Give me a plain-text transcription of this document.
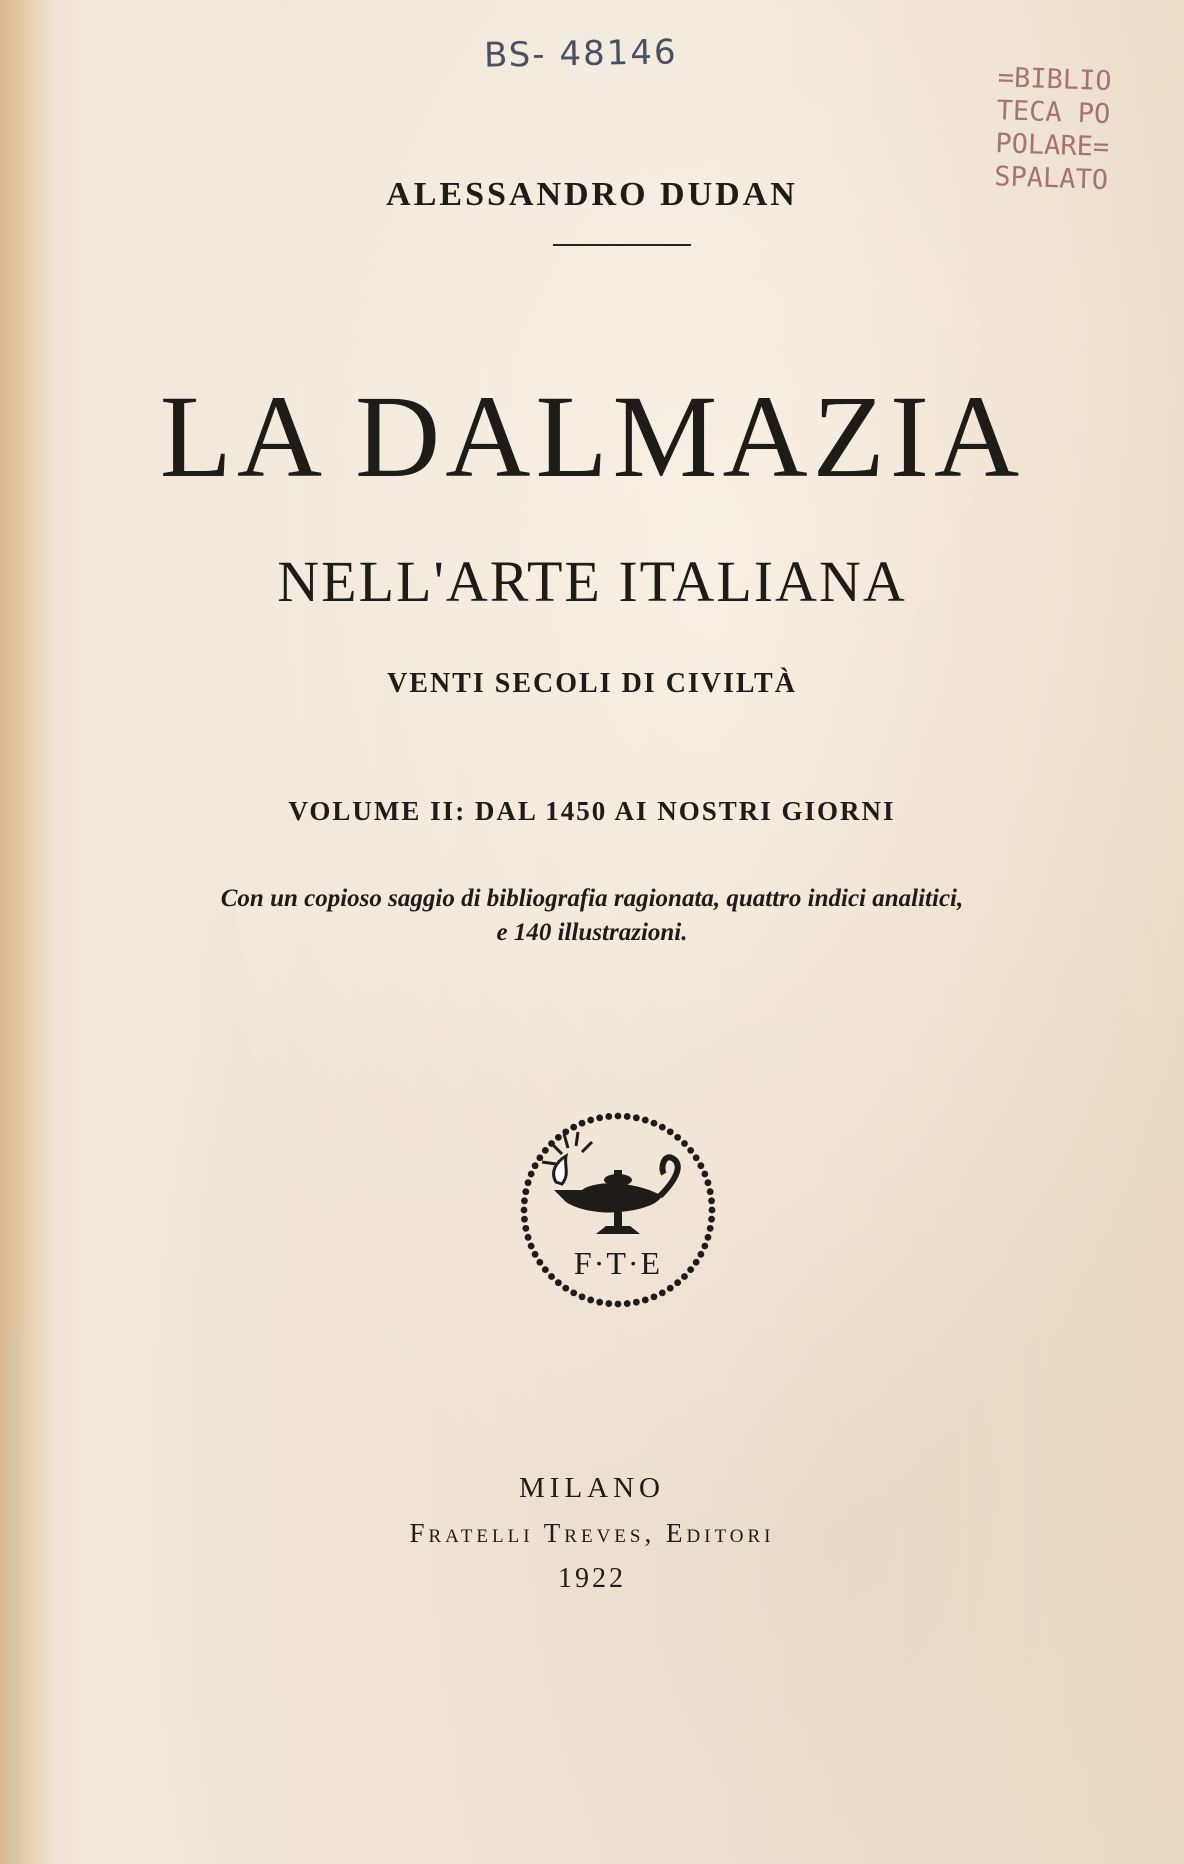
BS- 48146
=BIBLIO
TECA PO
POLARE=
SPALATO
ALESSANDRO DUDAN
LA DALMAZIA
NELL'ARTE ITALIANA
VENTI SECOLI DI CIVILTÀ
VOLUME II: DAL 1450 AI NOSTRI GIORNI
Con un copioso saggio di bibliografia ragionata, quattro indici analitici,
e 140 illustrazioni.
F·T·E
MILANO
Fratelli Treves, Editori
1922
